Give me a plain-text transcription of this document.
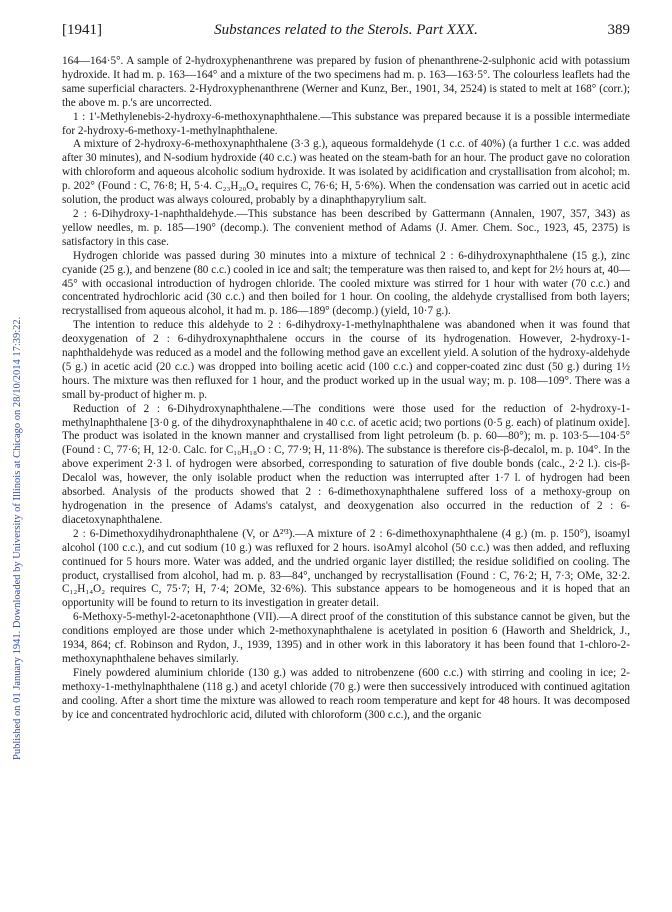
[1941]	Substances related to the Sterols. Part XXX.	389
Published on 01 January 1941. Downloaded by University of Illinois at Chicago on 28/10/2014 17:39:22.

164—164·5°. A sample of 2-hydroxyphenanthrene was prepared by fusion of phenanthrene-2-sulphonic acid with potassium hydroxide. It had m. p. 163—164° and a mixture of the two specimens had m. p. 163—163·5°. The colourless leaflets had the same superficial characters. 2-Hydroxyphenanthrene (Werner and Kunz, Ber., 1901, 34, 2524) is stated to melt at 168° (corr.); the above m. p.'s are uncorrected.

1 : 1'-Methylenebis-2-hydroxy-6-methoxynaphthalene.—This substance was prepared because it is a possible intermediate for 2-hydroxy-6-methoxy-1-methylnaphthalene.

A mixture of 2-hydroxy-6-methoxynaphthalene (3·3 g.), aqueous formaldehyde (1 c.c. of 40%) (a further 1 c.c. was added after 30 minutes), and N-sodium hydroxide (40 c.c.) was heated on the steam-bath for an hour. The product gave no coloration with chloroform and aqueous alcoholic sodium hydroxide. It was isolated by acidification and crystallisation from alcohol; m. p. 202° (Found : C, 76·8; H, 5·4. C₂₃H₂₀O₄ requires C, 76·6; H, 5·6%). When the condensation was carried out in acetic acid solution, the product was always coloured, probably by a dinaphthapyrylium salt.

2 : 6-Dihydroxy-1-naphthaldehyde.—This substance has been described by Gattermann (Annalen, 1907, 357, 343) as yellow needles, m. p. 185—190° (decomp.). The convenient method of Adams (J. Amer. Chem. Soc., 1923, 45, 2375) is satisfactory in this case.

Hydrogen chloride was passed during 30 minutes into a mixture of technical 2 : 6-dihydroxynaphthalene (15 g.), zinc cyanide (25 g.), and benzene (80 c.c.) cooled in ice and salt; the temperature was then raised to, and kept for 2½ hours at, 40—45° with occasional introduction of hydrogen chloride. The cooled mixture was stirred for 1 hour with water (70 c.c.) and concentrated hydrochloric acid (30 c.c.) and then boiled for 1 hour. On cooling, the aldehyde crystallised from both layers; recrystallised from aqueous alcohol, it had m. p. 186—189° (decomp.) (yield, 10·7 g.).

The intention to reduce this aldehyde to 2 : 6-dihydroxy-1-methylnaphthalene was abandoned when it was found that deoxygenation of 2 : 6-dihydroxynaphthalene occurs in the course of its hydrogenation. However, 2-hydroxy-1-naphthaldehyde was reduced as a model and the following method gave an excellent yield. A solution of the hydroxy-aldehyde (5 g.) in acetic acid (20 c.c.) was dropped into boiling acetic acid (100 c.c.) and copper-coated zinc dust (50 g.) during 1½ hours. The mixture was then refluxed for 1 hour, and the product worked up in the usual way; m. p. 108—109°. There was a small by-product of higher m. p.

Reduction of 2 : 6-Dihydroxynaphthalene.—The conditions were those used for the reduction of 2-hydroxy-1-methylnaphthalene [3·0 g. of the dihydroxynaphthalene in 40 c.c. of acetic acid; two portions (0·5 g. each) of platinum oxide]. The product was isolated in the known manner and crystallised from light petroleum (b. p. 60—80°); m. p. 103·5—104·5° (Found : C, 77·6; H, 12·0. Calc. for C₁₀H₁₈O : C, 77·9; H, 11·8%). The substance is therefore cis-β-decalol, m. p. 104°. In the above experiment 2·3 l. of hydrogen were absorbed, corresponding to saturation of five double bonds (calc., 2·2 l.). cis-β-Decalol was, however, the only isolable product when the reduction was interrupted after 1·7 l. of hydrogen had been absorbed. Analysis of the products showed that 2 : 6-dimethoxynaphthalene suffered loss of a methoxy-group on hydrogenation in the presence of Adams's catalyst, and deoxygenation also occurred in the reduction of 2 : 6-diacetoxynaphthalene.

2 : 6-Dimethoxydihydronaphthalene (V, or Δ²'³).—A mixture of 2 : 6-dimethoxynaphthalene (4 g.) (m. p. 150°), isoamyl alcohol (100 c.c.), and cut sodium (10 g.) was refluxed for 2 hours. isoAmyl alcohol (50 c.c.) was then added, and refluxing continued for 5 hours more. Water was added, and the undried organic layer distilled; the residue solidified on cooling. The product, crystallised from alcohol, had m. p. 83—84°, unchanged by recrystallisation (Found : C, 76·2; H, 7·3; OMe, 32·2. C₁₂H₁₄O₂ requires C, 75·7; H, 7·4; 2OMe, 32·6%). This substance appears to be homogeneous and it is hoped that an opportunity will be found to return to its investigation in greater detail.

6-Methoxy-5-methyl-2-acetonaphthone (VII).—A direct proof of the constitution of this substance cannot be given, but the conditions employed are those under which 2-methoxynaphthalene is acetylated in position 6 (Haworth and Sheldrick, J., 1934, 864; cf. Robinson and Rydon, J., 1939, 1395) and in other work in this laboratory it has been found that 1-chloro-2-methoxynaphthalene behaves similarly.

Finely powdered aluminium chloride (130 g.) was added to nitrobenzene (600 c.c.) with stirring and cooling in ice; 2-methoxy-1-methylnaphthalene (118 g.) and acetyl chloride (70 g.) were then successively introduced with continued agitation and cooling. After a short time the mixture was allowed to reach room temperature and kept for 48 hours. It was decomposed by ice and concentrated hydrochloric acid, diluted with chloroform (300 c.c.), and the organic
